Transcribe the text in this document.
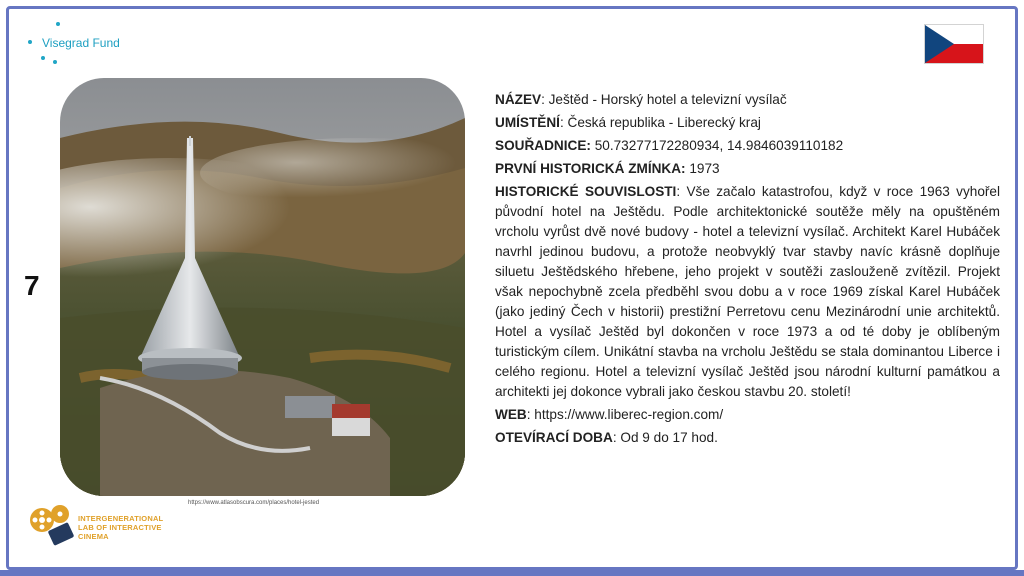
Visegrad Fund
7
https://www.atlasobscura.com/places/hotel-jested
INTERGENERATIONAL
LAB OF INTERACTIVE
CINEMA

NÁZEV: Ještěd - Horský hotel a televizní vysílač

UMÍSTĚNÍ: Česká republika - Liberecký kraj

SOUŘADNICE: 50.73277172280934, 14.9846039110182

PRVNÍ HISTORICKÁ ZMÍNKA: 1973

HISTORICKÉ SOUVISLOSTI: Vše začalo katastrofou, když v roce 1963 vyhořel původní hotel na Ještědu. Podle architektonické soutěže měly na opuštěném vrcholu vyrůst dvě nové budovy - hotel a televizní vysílač. Architekt Karel Hubáček navrhl jedinou budovu, a protože neobvyklý tvar stavby navíc krásně doplňuje siluetu Ještědského hřebene, jeho projekt v soutěži zaslouženě zvítězil. Projekt však nepochybně zcela předběhl svou dobu a v roce 1969 získal Karel Hubáček (jako jediný Čech v historii) prestižní Perretovu cenu Mezinárodní unie architektů. Hotel a vysílač Ještěd byl dokončen v roce 1973 a od té doby je oblíbeným turistickým cílem. Unikátní stavba na vrcholu Ještědu se stala dominantou Liberce i celého regionu. Hotel a televizní vysílač Ještěd jsou národní kulturní památkou a architekti jej dokonce vybrali jako českou stavbu 20. století!

WEB: https://www.liberec-region.com/

OTEVÍRACÍ DOBA: Od 9 do 17 hod.
